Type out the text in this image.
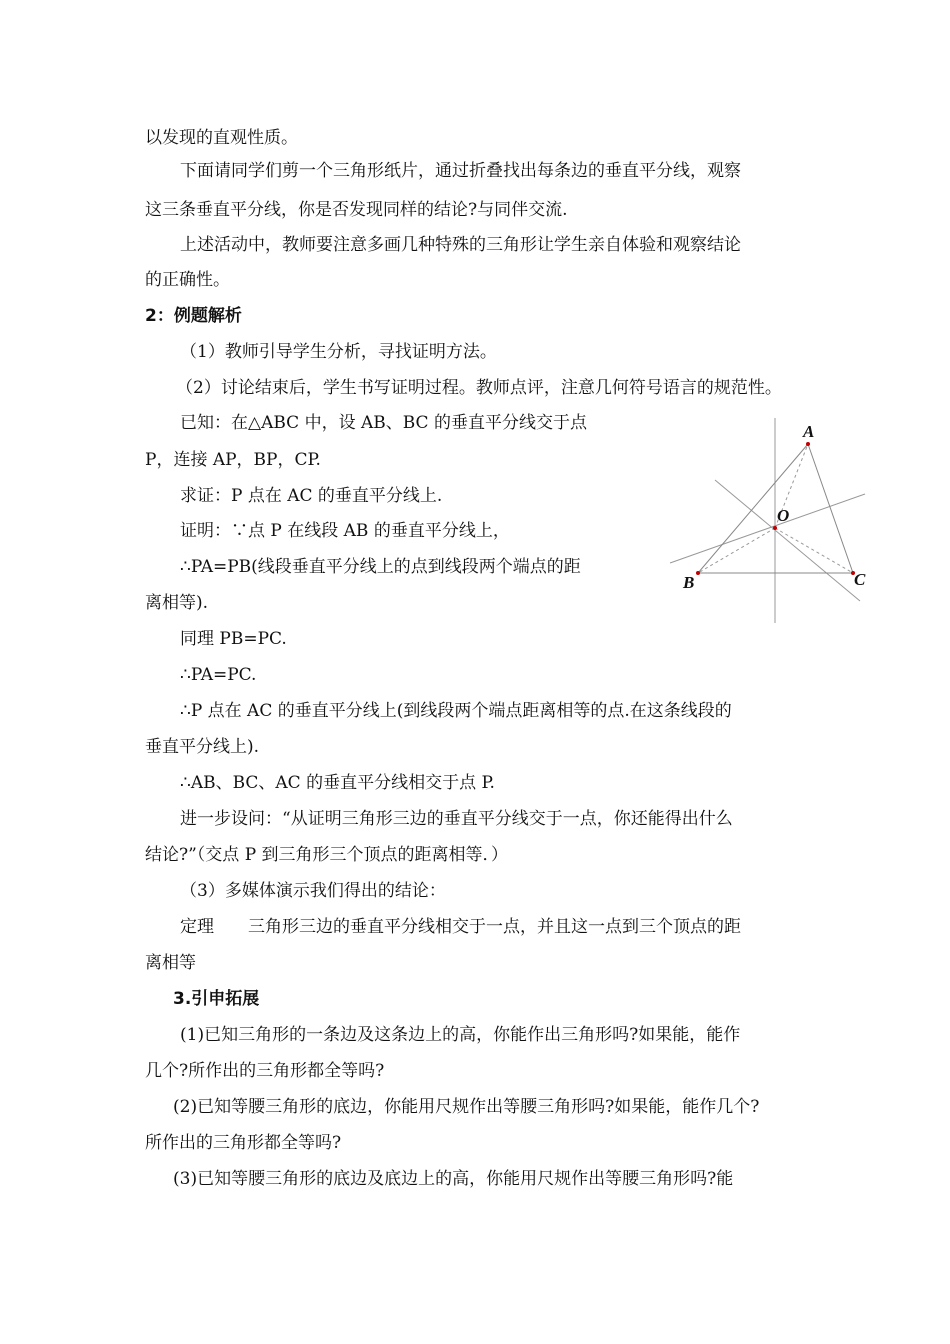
以发现的直观性质。
下面请同学们剪一个三角形纸片，通过折叠找出每条边的垂直平分线，观察
这三条垂直平分线，你是否发现同样的结论?与同伴交流.
上述活动中，教师要注意多画几种特殊的三角形让学生亲自体验和观察结论
的正确性。
2：例题解析
（1）教师引导学生分析，寻找证明方法。
（2）讨论结束后，学生书写证明过程。教师点评，注意几何符号语言的规范性。
已知：在△ABC 中，设 AB、BC 的垂直平分线交于点
P，连接 AP，BP，CP.
求证：P 点在 AC 的垂直平分线上.
证明：∵点 P 在线段 AB 的垂直平分线上，
∴PA=PB(线段垂直平分线上的点到线段两个端点的距
离相等).
同理 PB=PC.
∴PA=PC.
∴P 点在 AC 的垂直平分线上(到线段两个端点距离相等的点.在这条线段的
垂直平分线上).
∴AB、BC、AC 的垂直平分线相交于点 P.
进一步设问：“从证明三角形三边的垂直平分线交于一点，你还能得出什么
结论?”（交点 P 到三角形三个顶点的距离相等．）
（3）多媒体演示我们得出的结论：
定理　　三角形三边的垂直平分线相交于一点，并且这一点到三个顶点的距
离相等
3.引申拓展
(1)已知三角形的一条边及这条边上的高，你能作出三角形吗?如果能，能作
几个?所作出的三角形都全等吗?
(2)已知等腰三角形的底边，你能用尺规作出等腰三角形吗?如果能，能作几个?
所作出的三角形都全等吗?
(3)已知等腰三角形的底边及底边上的高，你能用尺规作出等腰三角形吗?能
A
O
B	C
